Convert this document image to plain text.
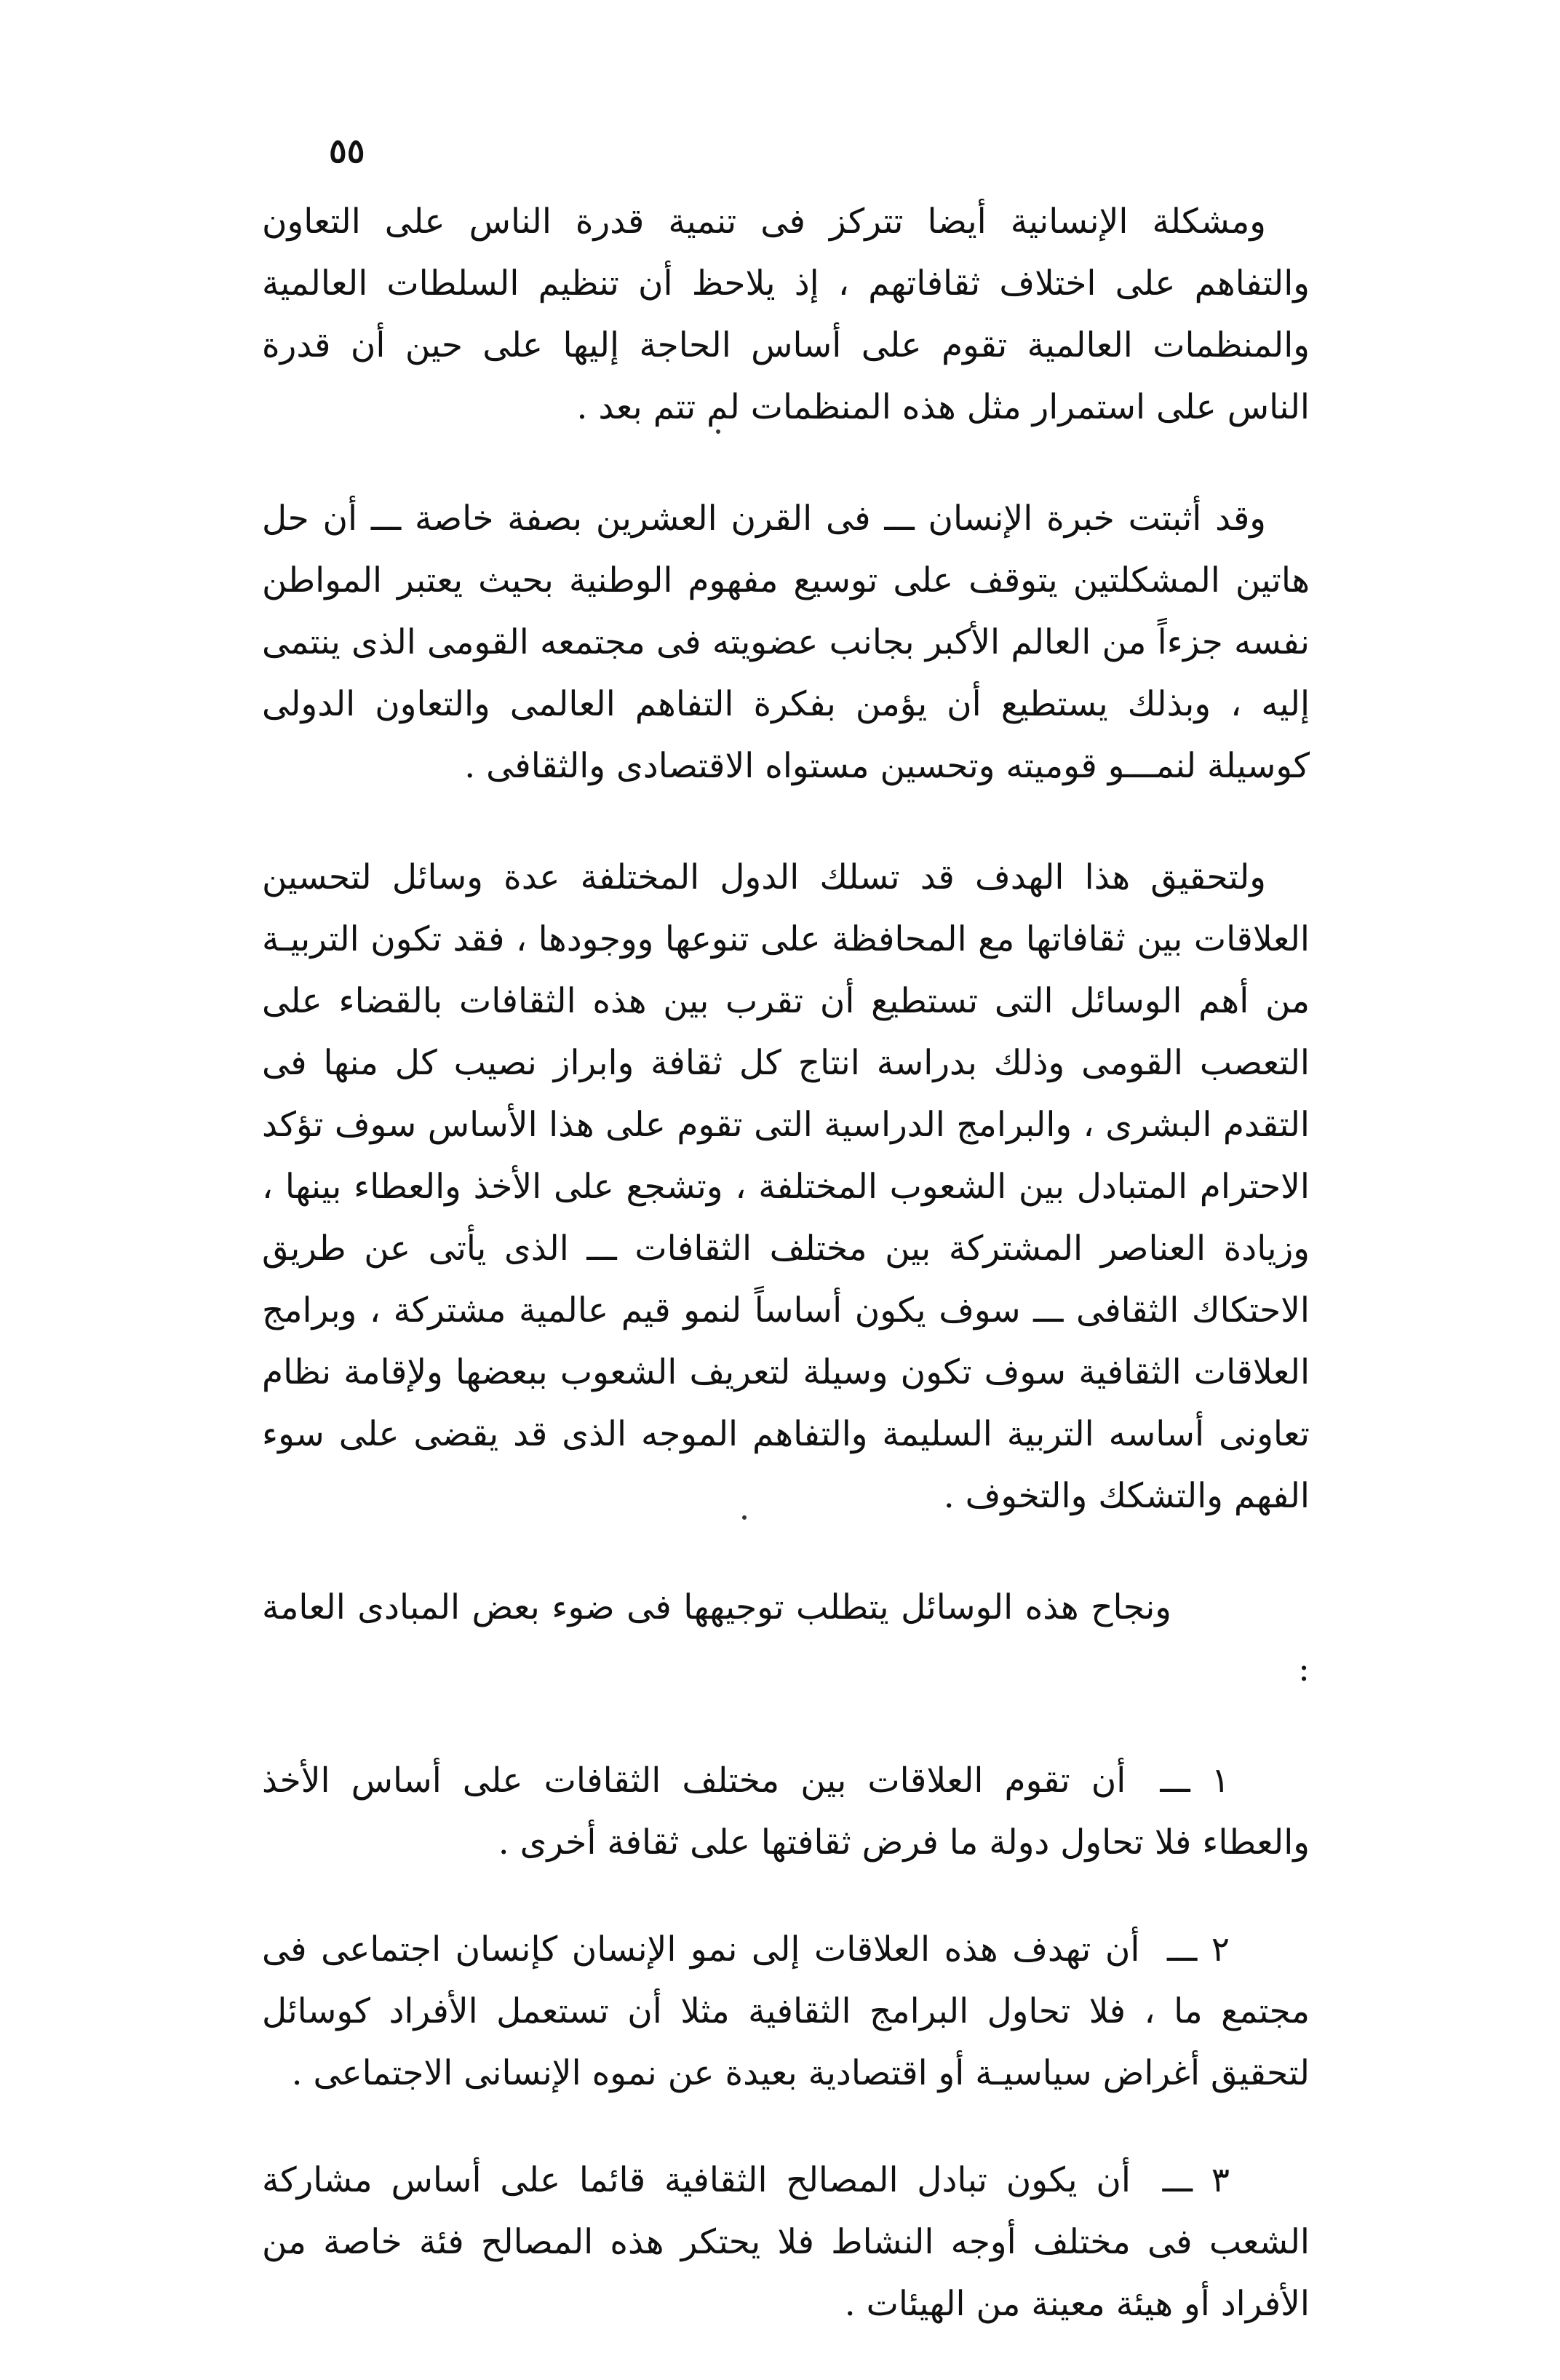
٥٥

ومشكلة الإنسانية أيضا تتركز فى تنمية قدرة الناس على التعاون والتفاهم على اختلاف ثقافاتهم ، إذ يلاحظ أن تنظيم السلطات العالمية والمنظمات العالمية تقوم على أساس الحاجة إليها على حين أن قدرة الناس على استمرار مثل هذه المنظمات لم تتم بعد .

وقد أثبتت خبرة الإنسان ـــ فى القرن العشرين بصفة خاصة ـــ أن حل هاتين المشكلتين يتوقف على توسيع مفهوم الوطنية بحيث يعتبر المواطن نفسه جزءاً من العالم الأكبر بجانب عضويته فى مجتمعه القومى الذى ينتمى إليه ، وبذلك يستطيع أن يؤمن بفكرة التفاهم العالمى والتعاون الدولى كوسيلة لنمـــو قوميته وتحسين مستواه الاقتصادى والثقافى .

ولتحقيق هذا الهدف قد تسلك الدول المختلفة عدة وسائل لتحسين العلاقات بين ثقافاتها مع المحافظة على تنوعها ووجودها ، فقد تكون التربيـة من أهم الوسائل التى تستطيع أن تقرب بين هذه الثقافات بالقضاء على التعصب القومى وذلك بدراسة انتاج كل ثقافة وابراز نصيب كل منها فى التقدم البشرى ، والبرامج الدراسية التى تقوم على هذا الأساس سوف تؤكد الاحترام المتبادل بين الشعوب المختلفة ، وتشجع على الأخذ والعطاء بينها ، وزيادة العناصر المشتركة بين مختلف الثقافات ـــ الذى يأتى عن طريق الاحتكاك الثقافى ـــ سوف يكون أساساً لنمو قيم عالمية مشتركة ، وبرامج العلاقات الثقافية سوف تكون وسيلة لتعريف الشعوب ببعضها ولإقامة نظام تعاونى أساسه التربية السليمة والتفاهم الموجه الذى قد يقضى على سوء الفهم والتشكك والتخوف .

ونجاح هذه الوسائل يتطلب توجيهها فى ضوء بعض المبادى العامة :

١ ـــ أن تقوم العلاقات بين مختلف الثقافات على أساس الأخذ والعطاء فلا تحاول دولة ما فرض ثقافتها على ثقافة أخرى .

٢ ـــ أن تهدف هذه العلاقات إلى نمو الإنسان كإنسان اجتماعى فى مجتمع ما ، فلا تحاول البرامج الثقافية مثلا أن تستعمل الأفراد كوسائل لتحقيق أغراض سياسيـة أو اقتصادية بعيدة عن نموه الإنسانى الاجتماعى .

٣ ـــ أن يكون تبادل المصالح الثقافية قائما على أساس مشاركة الشعب فى مختلف أوجه النشاط فلا يحتكر هذه المصالح فئة خاصة من الأفراد أو هيئة معينة من الهيئات .
